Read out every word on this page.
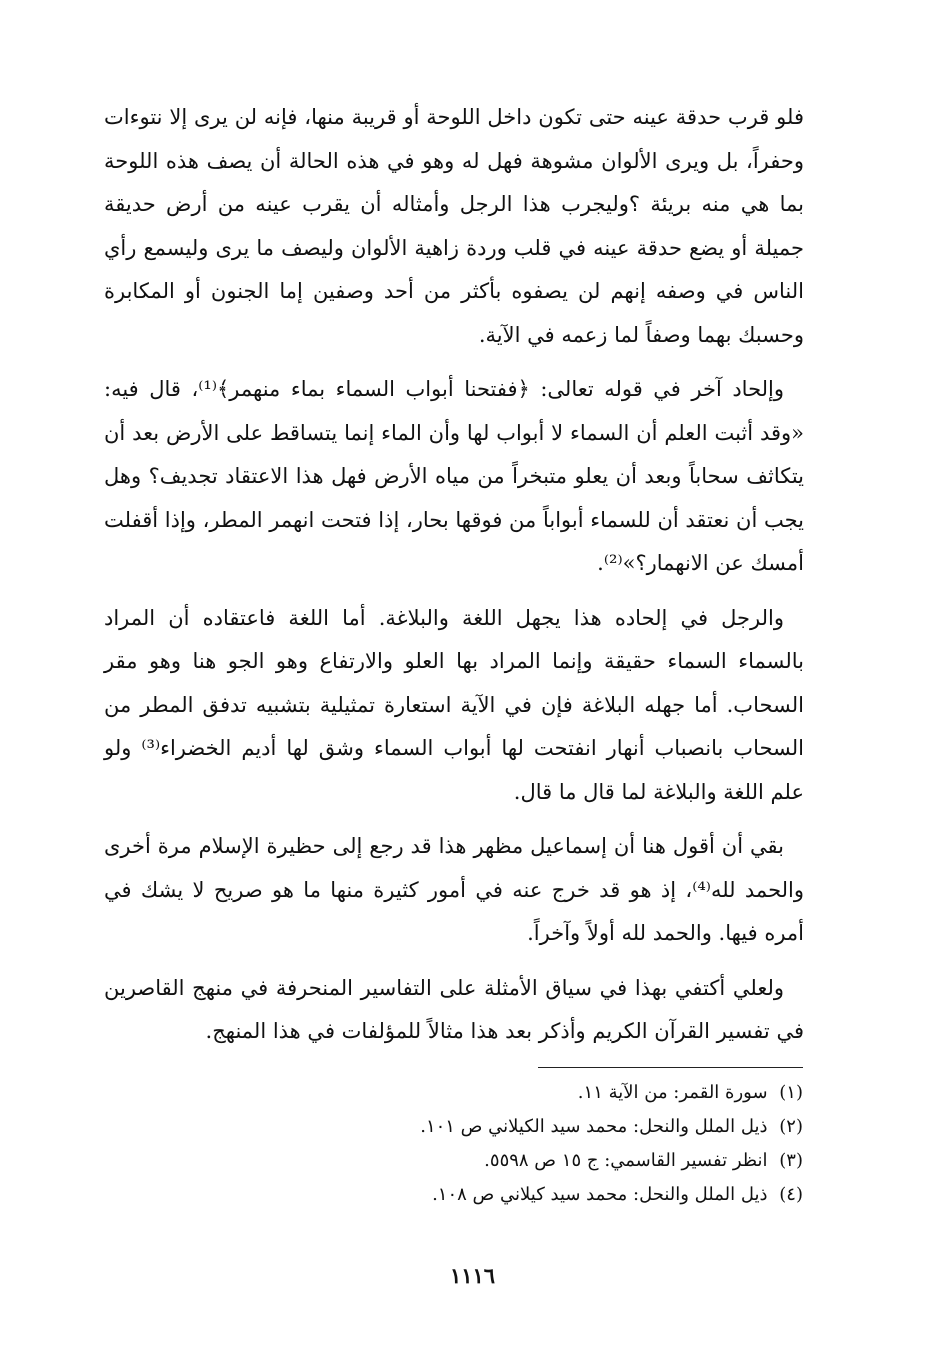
فلو قرب حدقة عينه حتى تكون داخل اللوحة أو قريبة منها، فإنه لن يرى إلا نتوءات وحفراً، بل ويرى الألوان مشوهة فهل له وهو في هذه الحالة أن يصف هذه اللوحة بما هي منه بريئة ؟وليجرب هذا الرجل وأمثاله أن يقرب عينه من أرض حديقة جميلة أو يضع حدقة عينه في قلب وردة زاهية الألوان وليصف ما يرى وليسمع رأي الناس في وصفه إنهم لن يصفوه بأكثر من أحد وصفين إما الجنون أو المكابرة وحسبك بهما وصفاً لما زعمه في الآية.

وإلحاد آخر في قوله تعالى: ﴿ففتحنا أبواب السماء بماء منهمر﴾⁽¹⁾، قال فيه: «وقد أثبت العلم أن السماء لا أبواب لها وأن الماء إنما يتساقط على الأرض بعد أن يتكاثف سحاباً وبعد أن يعلو متبخراً من مياه الأرض فهل هذا الاعتقاد تجديف؟ وهل يجب أن نعتقد أن للسماء أبواباً من فوقها بحار، إذا فتحت انهمر المطر، وإذا أقفلت أمسك عن الانهمار؟»⁽²⁾.

والرجل في إلحاده هذا يجهل اللغة والبلاغة. أما اللغة فاعتقاده أن المراد بالسماء السماء حقيقة وإنما المراد بها العلو والارتفاع وهو الجو هنا وهو مقر السحاب. أما جهله البلاغة فإن في الآية استعارة تمثيلية بتشبيه تدفق المطر من السحاب بانصباب أنهار انفتحت لها أبواب السماء وشق لها أديم الخضراء⁽³⁾ ولو علم اللغة والبلاغة لما قال ما قال.

بقي أن أقول هنا أن إسماعيل مظهر هذا قد رجع إلى حظيرة الإسلام مرة أخرى والحمد لله⁽⁴⁾، إذ هو قد خرج عنه في أمور كثيرة منها ما هو صريح لا يشك في أمره فيها. والحمد لله أولاً وآخراً.

ولعلي أكتفي بهذا في سياق الأمثلة على التفاسير المنحرفة في منهج القاصرين في تفسير القرآن الكريم وأذكر بعد هذا مثالاً للمؤلفات في هذا المنهج.

(١) سورة القمر: من الآية ١١.

(٢) ذيل الملل والنحل: محمد سيد الكيلاني ص ١٠١.

(٣) انظر تفسير القاسمي: ج ١٥ ص ٥٥٩٨.

(٤) ذيل الملل والنحل: محمد سيد كيلاني ص ١٠٨.

١١١٦
